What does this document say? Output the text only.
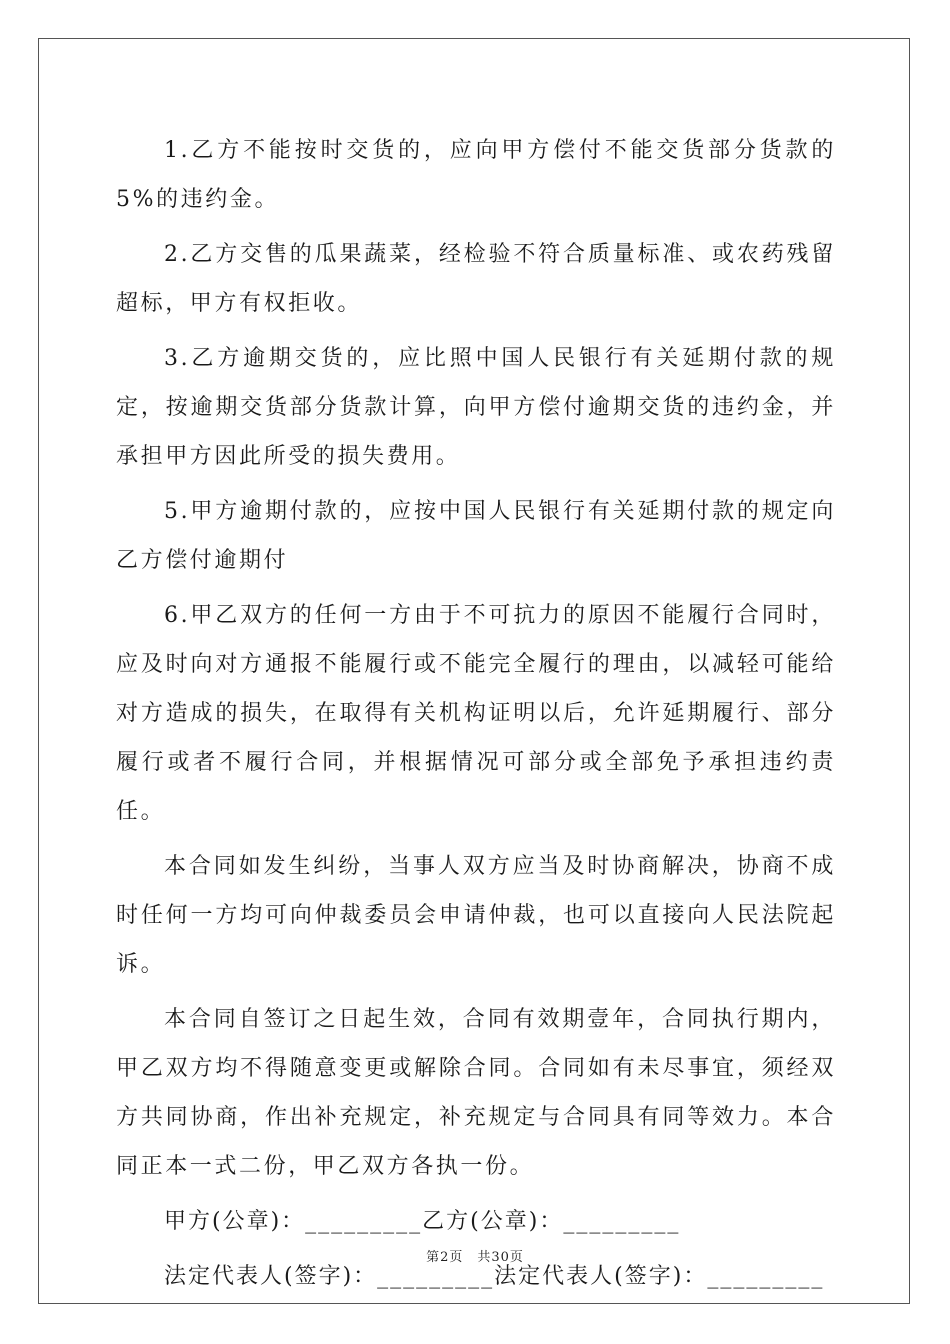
1.乙方不能按时交货的，应向甲方偿付不能交货部分货款的5%的违约金。

2.乙方交售的瓜果蔬菜，经检验不符合质量标准、或农药残留超标，甲方有权拒收。

3.乙方逾期交货的，应比照中国人民银行有关延期付款的规定，按逾期交货部分货款计算，向甲方偿付逾期交货的违约金，并承担甲方因此所受的损失费用。

5.甲方逾期付款的，应按中国人民银行有关延期付款的规定向乙方偿付逾期付

6.甲乙双方的任何一方由于不可抗力的原因不能履行合同时，应及时向对方通报不能履行或不能完全履行的理由，以减轻可能给对方造成的损失，在取得有关机构证明以后，允许延期履行、部分履行或者不履行合同，并根据情况可部分或全部免予承担违约责任。

本合同如发生纠纷，当事人双方应当及时协商解决，协商不成时任何一方均可向仲裁委员会申请仲裁，也可以直接向人民法院起诉。

本合同自签订之日起生效，合同有效期壹年，合同执行期内，甲乙双方均不得随意变更或解除合同。合同如有未尽事宜，须经双方共同协商，作出补充规定，补充规定与合同具有同等效力。本合同正本一式二份，甲乙双方各执一份。

甲方(公章)：_________乙方(公章)：_________
法定代表人(签字)：_________法定代表人(签字)：_________
第2页　共30页
